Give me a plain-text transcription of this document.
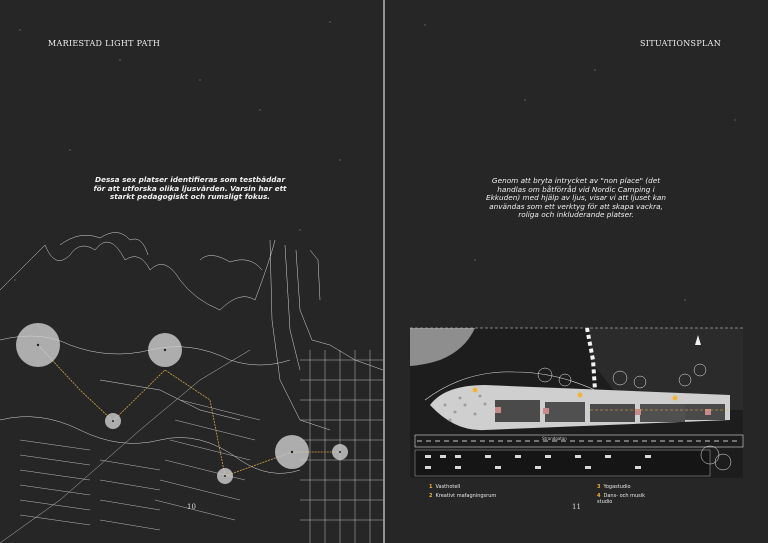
MARIESTAD LIGHT PATH
Dessa sex platser identifieras som testbäddar för att utforska olika ljusvärden. Varsin har ett starkt pedagogiskt och rumsligt fokus.
10
SITUATIONSPLAN
Genom att bryta intrycket av "non place" (det handlas om båtförråd vid Nordic Camping i Ekkuden) med hjälp av ljus, visar vi att ljuset kan användas som ett verktyg för att skapa vackra, roliga och inkluderande platser.
Strandgatan
1 Vasthotell
2 Kreativt mafagningsrum
3 Yogastudio
4 Dans- och musik studio
11
